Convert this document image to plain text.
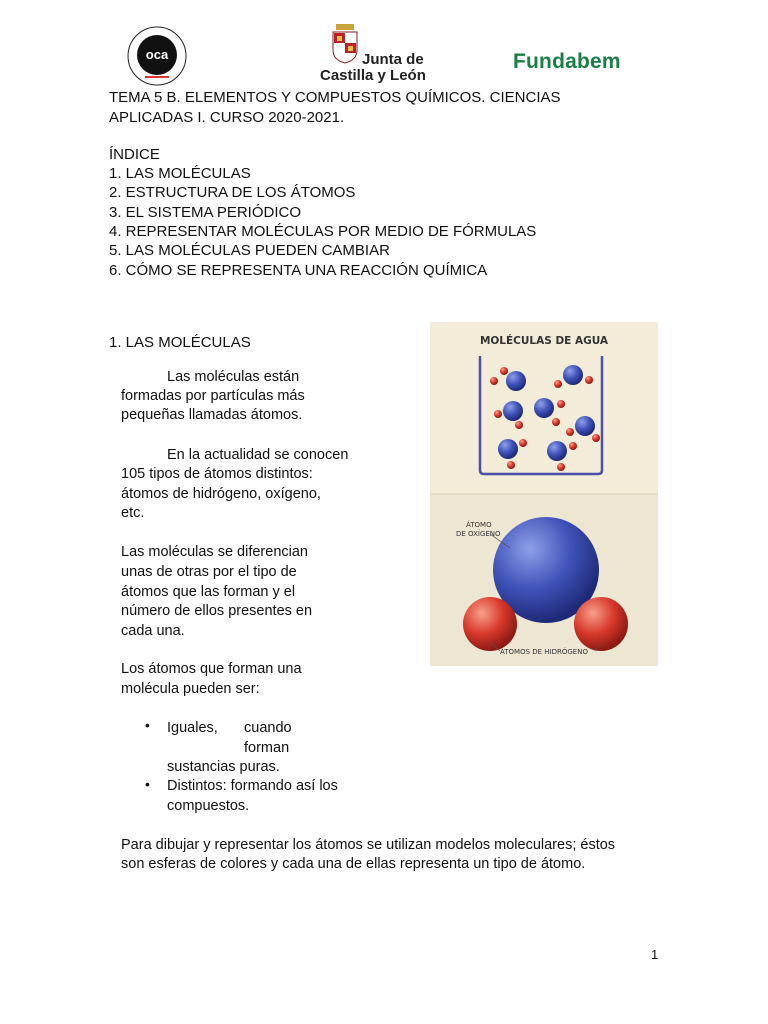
oca	Junta de
Castilla y León
Fundabem
TEMA 5 B. ELEMENTOS Y COMPUESTOS QUÍMICOS. CIENCIAS
APLICADAS I. CURSO 2020-2021.
ÍNDICE
1. LAS MOLÉCULAS
2. ESTRUCTURA DE LOS ÁTOMOS
3. EL SISTEMA PERIÓDICO
4. REPRESENTAR MOLÉCULAS POR MEDIO DE FÓRMULAS
5. LAS MOLÉCULAS PUEDEN CAMBIAR
6. CÓMO SE REPRESENTA UNA REACCIÓN QUÍMICA
1. LAS MOLÉCULAS
Las moléculas están
formadas por partículas más
pequeñas llamadas átomos.
En la actualidad se conocen
105 tipos de átomos distintos:
átomos de hidrógeno, oxígeno,
etc.
Las moléculas se diferencian
unas de otras por el tipo de
átomos que las forman y el
número de ellos presentes en
cada una.
Los átomos que forman una
molécula pueden ser:
• Iguales, cuando
forman
sustancias puras.
• Distintos: formando así los
compuestos.
Para dibujar y representar los átomos se utilizan modelos moleculares; éstos
son esferas de colores y cada una de ellas representa un tipo de átomo.
MOLÉCULAS DE AGUA
ÁTOMO
DE OXÍGENO
ÁTOMOS DE HIDRÓGENO
1
